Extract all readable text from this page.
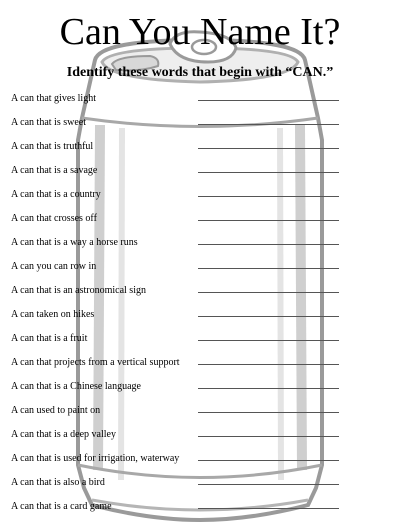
Can You Name It?

Identify these words that begin with “CAN.”

A can that gives light
A can that is sweet
A can that is truthful
A can that is a savage
A can that is a country
A can that crosses off
A can that is a way a horse runs
A can you can row in
A can that is an astronomical sign
A can taken on hikes
A can that is a fruit
A can that projects from a vertical support
A can that is a Chinese language
A can used to paint on
A can that is a deep valley
A can that is used for irrigation, waterway
A can that is also a bird
A can that is a card game
